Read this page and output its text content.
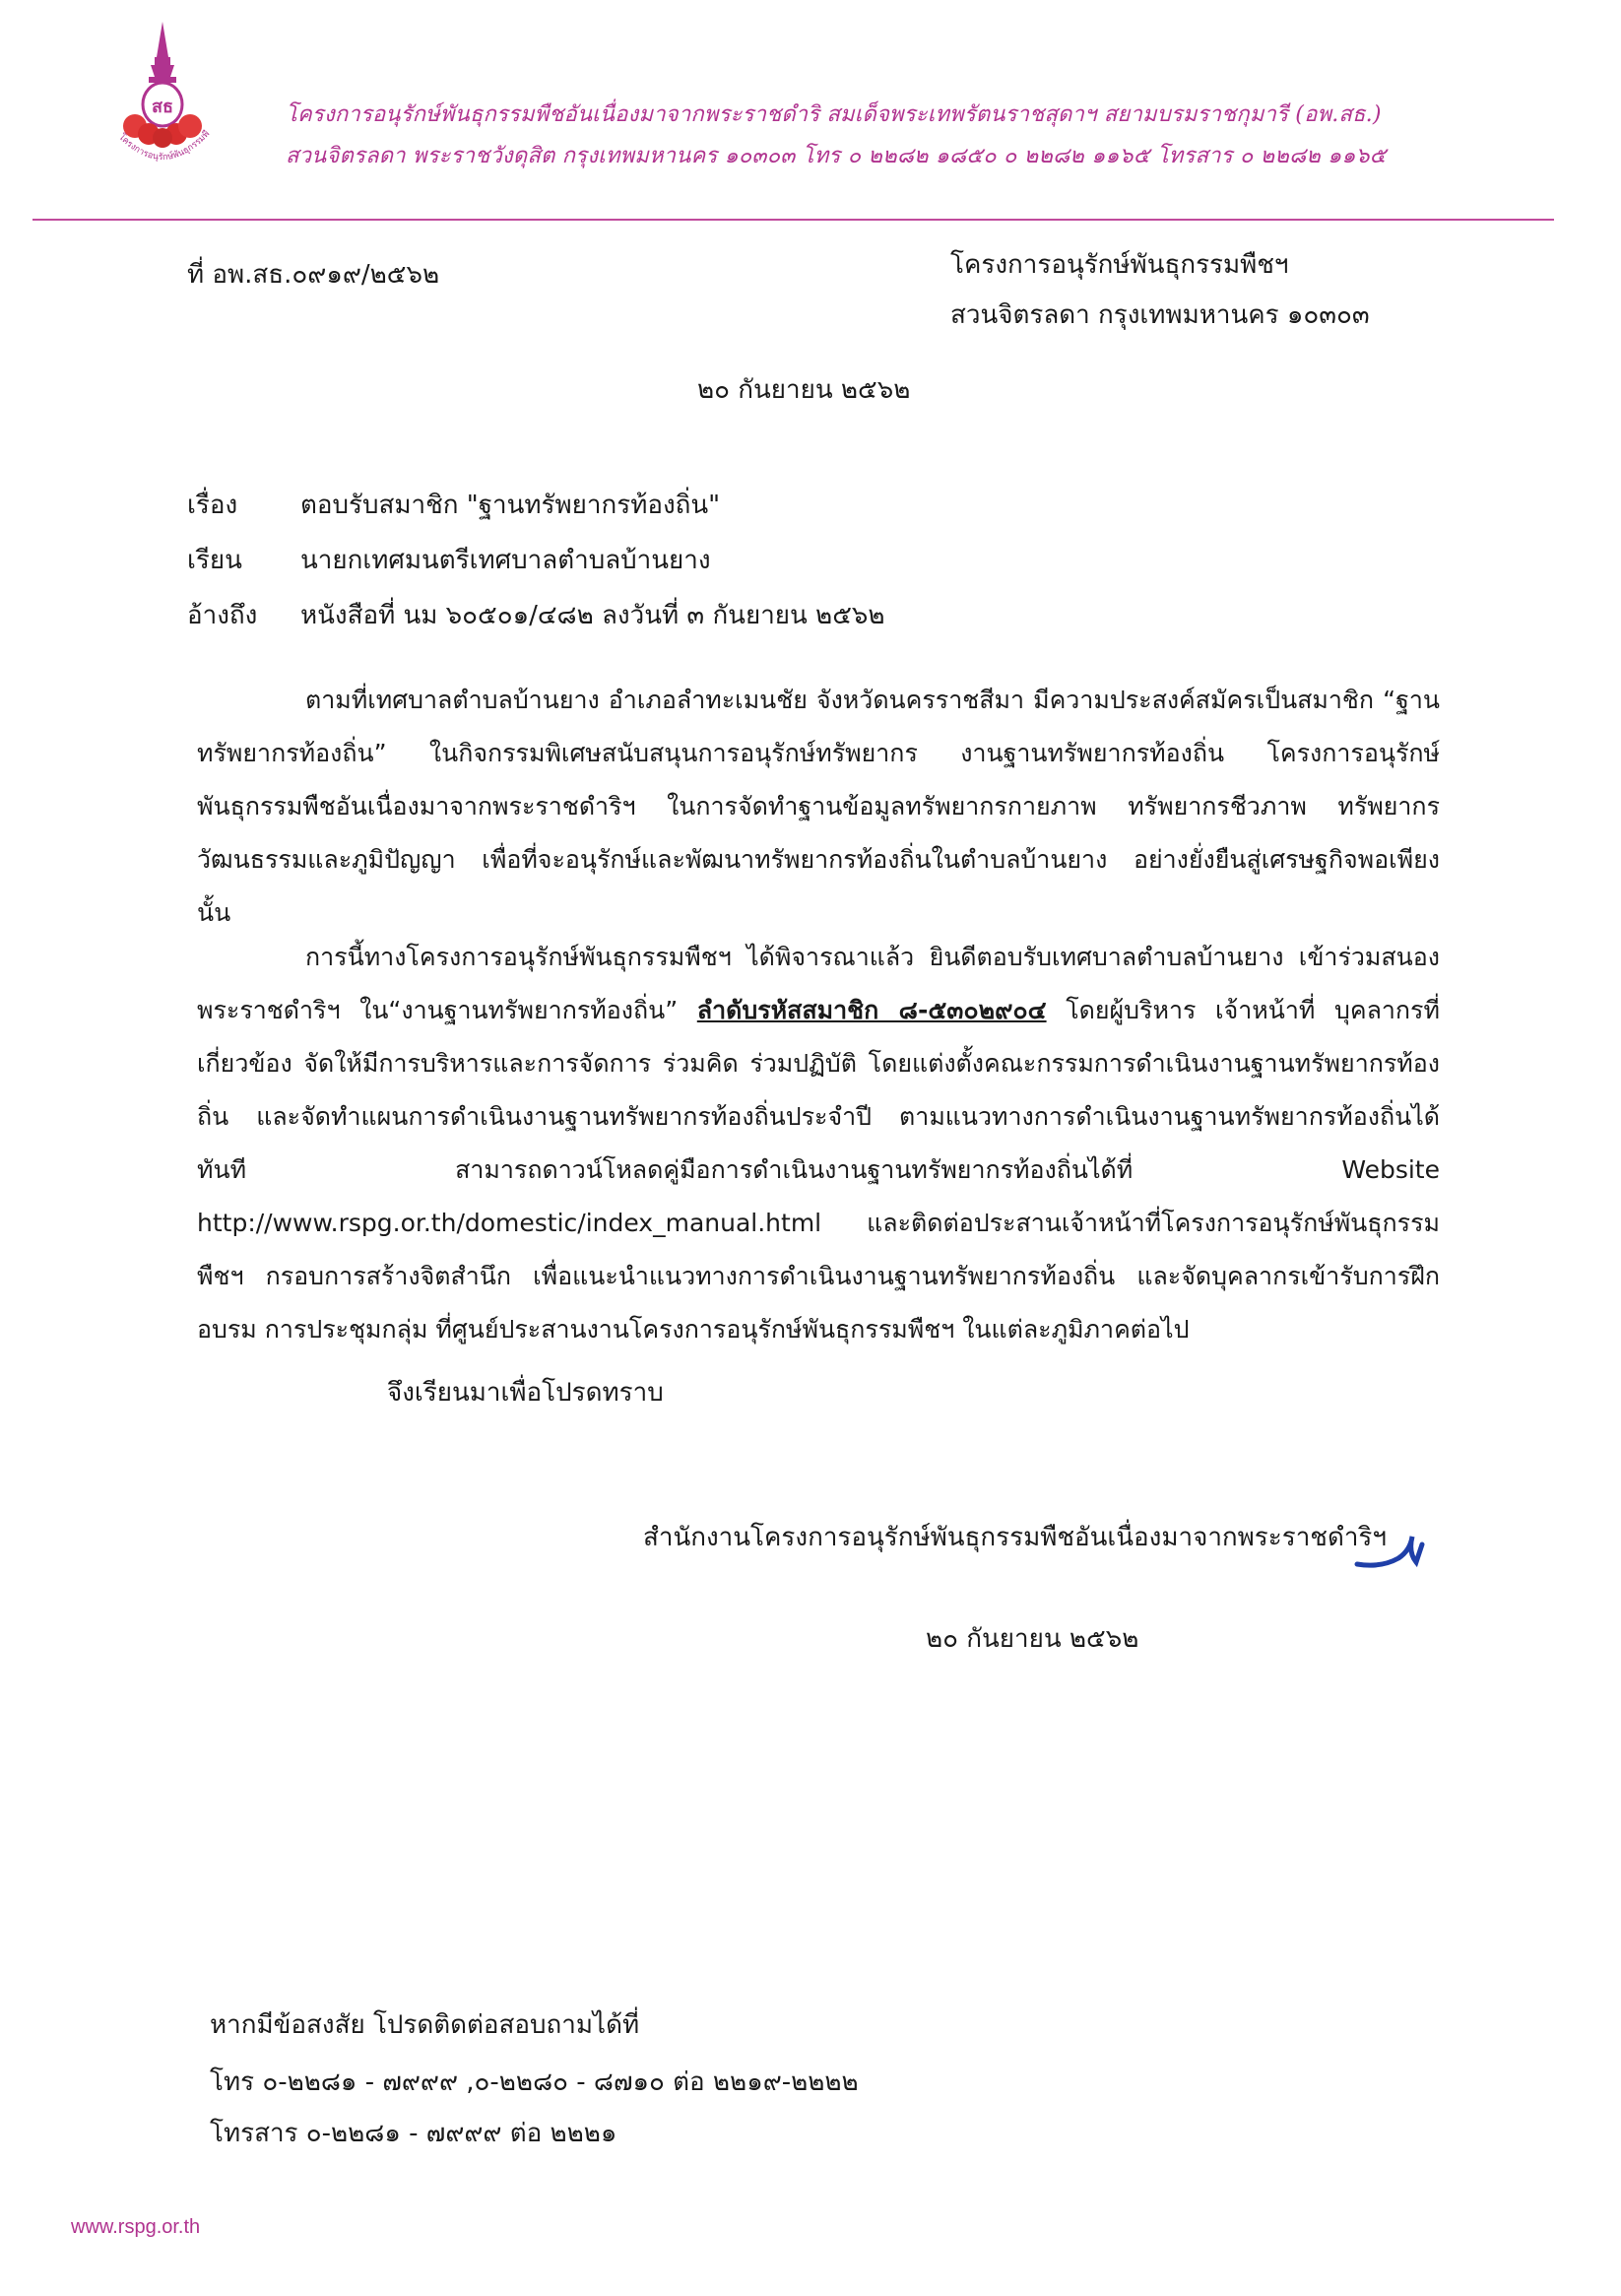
สธ
โครงการอนุรักษ์พันธุกรรมพื
โครงการอนุรักษ์พันธุกรรมพืชอันเนื่องมาจากพระราชดำริ สมเด็จพระเทพรัตนราชสุดาฯ สยามบรมราชกุมารี (อพ.สธ.)
สวนจิตรลดา พระราชวังดุสิต กรุงเทพมหานคร ๑๐๓๐๓ โทร ๐ ๒๒๘๒ ๑๘๕๐ ๐ ๒๒๘๒ ๑๑๖๕ โทรสาร ๐ ๒๒๘๒ ๑๑๖๕
ที่ อพ.สธ.๐๙๑๙/๒๕๖๒	โครงการอนุรักษ์พันธุกรรมพืชฯ
สวนจิตรลดา กรุงเทพมหานคร ๑๐๓๐๓
๒๐ กันยายน ๒๕๖๒
เรื่อง ตอบรับสมาชิก "ฐานทรัพยากรท้องถิ่น"
เรียน นายกเทศมนตรีเทศบาลตำบลบ้านยาง
อ้างถึง หนังสือที่ นม ๖๐๕๐๑/๔๘๒ ลงวันที่ ๓ กันยายน ๒๕๖๒
ตามที่เทศบาลตำบลบ้านยาง อำเภอลำทะเมนชัย จังหวัดนครราชสีมา มีความประสงค์สมัครเป็นสมาชิก “ฐานทรัพยากรท้องถิ่น” ในกิจกรรมพิเศษสนับสนุนการอนุรักษ์ทรัพยากร งานฐานทรัพยากรท้องถิ่น โครงการอนุรักษ์พันธุกรรมพืชอันเนื่องมาจากพระราชดำริฯ ในการจัดทำฐานข้อมูลทรัพยากรกายภาพ ทรัพยากรชีวภาพ ทรัพยากรวัฒนธรรมและภูมิปัญญา เพื่อที่จะอนุรักษ์และพัฒนาทรัพยากรท้องถิ่นในตำบลบ้านยาง อย่างยั่งยืนสู่เศรษฐกิจพอเพียง นั้น
การนี้ทางโครงการอนุรักษ์พันธุกรรมพืชฯ ได้พิจารณาแล้ว ยินดีตอบรับเทศบาลตำบลบ้านยาง เข้าร่วมสนองพระราชดำริฯ ใน“งานฐานทรัพยากรท้องถิ่น” ลำดับรหัสสมาชิก ๘-๕๓๐๒๙๐๔ โดยผู้บริหาร เจ้าหน้าที่ บุคลากรที่เกี่ยวข้อง จัดให้มีการบริหารและการจัดการ ร่วมคิด ร่วมปฏิบัติ โดยแต่งตั้งคณะกรรมการดำเนินงานฐานทรัพยากรท้องถิ่น และจัดทำแผนการดำเนินงานฐานทรัพยากรท้องถิ่นประจำปี ตามแนวทางการดำเนินงานฐานทรัพยากรท้องถิ่นได้ทันที สามารถดาวน์โหลดคู่มือการดำเนินงานฐานทรัพยากรท้องถิ่นได้ที่ Website http://www.rspg.or.th/domestic/index_manual.html และติดต่อประสานเจ้าหน้าที่โครงการอนุรักษ์พันธุกรรมพืชฯ กรอบการสร้างจิตสำนึก เพื่อแนะนำแนวทางการดำเนินงานฐานทรัพยากรท้องถิ่น และจัดบุคลากรเข้ารับการฝึกอบรม การประชุมกลุ่ม ที่ศูนย์ประสานงานโครงการอนุรักษ์พันธุกรรมพืชฯ ในแต่ละภูมิภาคต่อไป
จึงเรียนมาเพื่อโปรดทราบ
สำนักงานโครงการอนุรักษ์พันธุกรรมพืชอันเนื่องมาจากพระราชดำริฯ
๒๐ กันยายน ๒๕๖๒
หากมีข้อสงสัย โปรดติดต่อสอบถามได้ที่
โทร ๐-๒๒๘๑ - ๗๙๙๙ ,๐-๒๒๘๐ - ๘๗๑๐ ต่อ ๒๒๑๙-๒๒๒๒
โทรสาร ๐-๒๒๘๑ - ๗๙๙๙ ต่อ ๒๒๒๑
www.rspg.or.th
